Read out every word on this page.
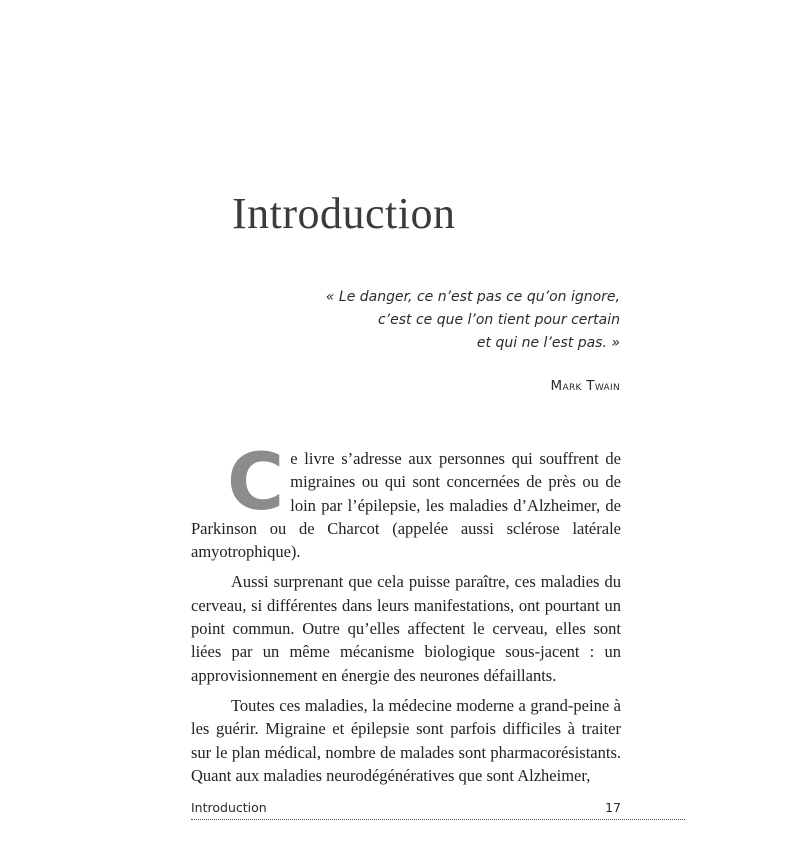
Introduction
« Le danger, ce n’est pas ce qu’on ignore,
c’est ce que l’on tient pour certain
et qui ne l’est pas. »
Mark Twain

Ce livre s’adresse aux personnes qui souffrent de migraines ou qui sont concernées de près ou de loin par l’épilepsie, les maladies d’Alzheimer, de Parkinson ou de Charcot (appelée aussi sclérose latérale amyotrophique).

Aussi surprenant que cela puisse paraître, ces maladies du cerveau, si différentes dans leurs manifestations, ont pourtant un point commun. Outre qu’elles affectent le cerveau, elles sont liées par un même mécanisme biologique sous-jacent : un approvisionnement en énergie des neurones défaillants.

Toutes ces maladies, la médecine moderne a grand-peine à les guérir. Migraine et épilepsie sont parfois difficiles à traiter sur le plan médical, nombre de malades sont pharmacorésistants. Quant aux maladies neurodégénératives que sont Alzheimer,

Introduction	17
